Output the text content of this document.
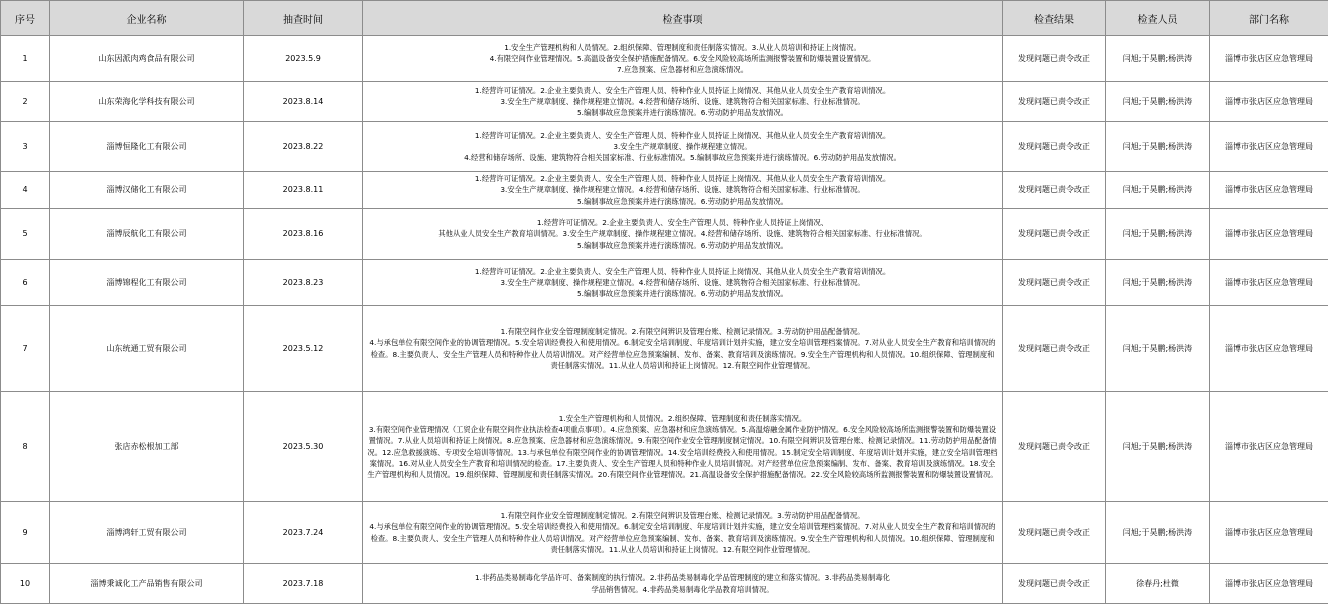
序号	企业名称	抽查时间	检查事项	检查结果	检查人员	部门名称
1	山东因派肉鸡食品有限公司	2023.5.9	1.安全生产管理机构和人员情况。2.组织保障、管理制度和责任制落实情况。3.从业人员培训和持证上岗情况。
4.有限空间作业管理情况。5.高温设备安全保护措施配备情况。6.安全风险较高场所监测报警装置和防爆装置设置情况。
7.应急预案、应急器材和应急演练情况。	发现问题已责令改正	闫旭;于昊鹏;杨洪涛	淄博市张店区应急管理局
2	山东荣海化学科技有限公司	2023.8.14	1.经营许可证情况。2.企业主要负责人、安全生产管理人员、特种作业人员持证上岗情况、其他从业人员安全生产教育培训情况。
3.安全生产规章制度、操作规程建立情况。4.经营和储存场所、设施、建筑物符合相关国家标准、行业标准情况。
5.编制事故应急预案并进行演练情况。6.劳动防护用品发放情况。	发现问题已责令改正	闫旭;于昊鹏;杨洪涛	淄博市张店区应急管理局
3	淄博恒隆化工有限公司	2023.8.22	1.经营许可证情况。2.企业主要负责人、安全生产管理人员、特种作业人员持证上岗情况、其他从业人员安全生产教育培训情况。
3.安全生产规章制度、操作规程建立情况。
4.经营和储存场所、设施、建筑物符合相关国家标准、行业标准情况。5.编制事故应急预案并进行演练情况。6.劳动防护用品发放情况。	发现问题已责令改正	闫旭;于昊鹏;杨洪涛	淄博市张店区应急管理局
4	淄博汉储化工有限公司	2023.8.11	1.经营许可证情况。2.企业主要负责人、安全生产管理人员、特种作业人员持证上岗情况、其他从业人员安全生产教育培训情况。
3.安全生产规章制度、操作规程建立情况。4.经营和储存场所、设施、建筑物符合相关国家标准、行业标准情况。
5.编制事故应急预案并进行演练情况。6.劳动防护用品发放情况。	发现问题已责令改正	闫旭;于昊鹏;杨洪涛	淄博市张店区应急管理局
5	淄博辰航化工有限公司	2023.8.16	1.经营许可证情况。2.企业主要负责人、安全生产管理人员、特种作业人员持证上岗情况、
其他从业人员安全生产教育培训情况。3.安全生产规章制度、操作规程建立情况。4.经营和储存场所、设施、建筑物符合相关国家标准、行业标准情况。
5.编制事故应急预案并进行演练情况。6.劳动防护用品发放情况。	发现问题已责令改正	闫旭;于昊鹏;杨洪涛	淄博市张店区应急管理局
6	淄博锦程化工有限公司	2023.8.23	1.经营许可证情况。2.企业主要负责人、安全生产管理人员、特种作业人员持证上岗情况、其他从业人员安全生产教育培训情况。
3.安全生产规章制度、操作规程建立情况。4.经营和储存场所、设施、建筑物符合相关国家标准、行业标准情况。
5.编制事故应急预案并进行演练情况。6.劳动防护用品发放情况。	发现问题已责令改正	闫旭;于昊鹏;杨洪涛	淄博市张店区应急管理局
7	山东统通工贸有限公司	2023.5.12	1.有限空间作业安全管理制度制定情况。2.有限空间辨识及管理台账、检测记录情况。3.劳动防护用品配备情况。
4.与承包单位有限空间作业的协调管理情况。5.安全培训经费投入和使用情况。6.制定安全培训制度、年度培训计划并实施，建立安全培训管理档案情况。7.对从业人员安全生产教育和培训情况的检查。8.主要负责人、安全生产管理人员和特种作业人员培训情况。对产经营单位应急预案编制、发布、备案、教育培训及演练情况。9.安全生产管理机构和人员情况。10.组织保障、管理制度和责任制落实情况。11.从业人员培训和持证上岗情况。12.有限空间作业管理情况。	发现问题已责令改正	闫旭;于昊鹏;杨洪涛	淄博市张店区应急管理局
8	张店赤松根加工部	2023.5.30	1.安全生产管理机构和人员情况。2.组织保障、管理制度和责任制落实情况。
3.有限空间作业管理情况（工贸企业有限空间作业执法检查4项重点事项）。4.应急预案、应急器材和应急演练情况。5.高温熔融金属作业防护情况。6.安全风险较高场所监测报警装置和防爆装置设置情况。7.从业人员培训和持证上岗情况。8.应急预案、应急器材和应急演练情况。9.有限空间作业安全管理制度制定情况。10.有限空间辨识及管理台账、检测记录情况。11.劳动防护用品配备情况。12.应急救援演练、专项安全培训等情况。13.与承包单位有限空间作业的协调管理情况。14.安全培训经费投入和使用情况。15.制定安全培训制度、年度培训计划并实施，建立安全培训管理档案情况。16.对从业人员安全生产教育和培训情况的检查。17.主要负责人、安全生产管理人员和特种作业人员培训情况。对产经营单位应急预案编制、发布、备案、教育培训及演练情况。18.安全生产管理机构和人员情况。19.组织保障、管理制度和责任制落实情况。20.有限空间作业管理情况。21.高温设备安全保护措施配备情况。22.安全风险较高场所监测报警装置和防爆装置设置情况。	发现问题已责令改正	闫旭;于昊鹏;杨洪涛	淄博市张店区应急管理局
9	淄博鸿轩工贸有限公司	2023.7.24	1.有限空间作业安全管理制度制定情况。2.有限空间辨识及管理台账、检测记录情况。3.劳动防护用品配备情况。
4.与承包单位有限空间作业的协调管理情况。5.安全培训经费投入和使用情况。6.制定安全培训制度、年度培训计划并实施，建立安全培训管理档案情况。7.对从业人员安全生产教育和培训情况的检查。8.主要负责人、安全生产管理人员和特种作业人员培训情况。对产经营单位应急预案编制、发布、备案、教育培训及演练情况。9.安全生产管理机构和人员情况。10.组织保障、管理制度和责任制落实情况。11.从业人员培训和持证上岗情况。12.有限空间作业管理情况。	发现问题已责令改正	闫旭;于昊鹏;杨洪涛	淄博市张店区应急管理局
10	淄博秉诚化工产品销售有限公司	2023.7.18	1.非药品类易制毒化学品许可、备案制度的执行情况。2.非药品类易制毒化学品管理制度的建立和落实情况。3.非药品类易制毒化
学品销售情况。4.非药品类易制毒化学品教育培训情况。	发现问题已责令改正	徐春丹;杜微	淄博市张店区应急管理局
